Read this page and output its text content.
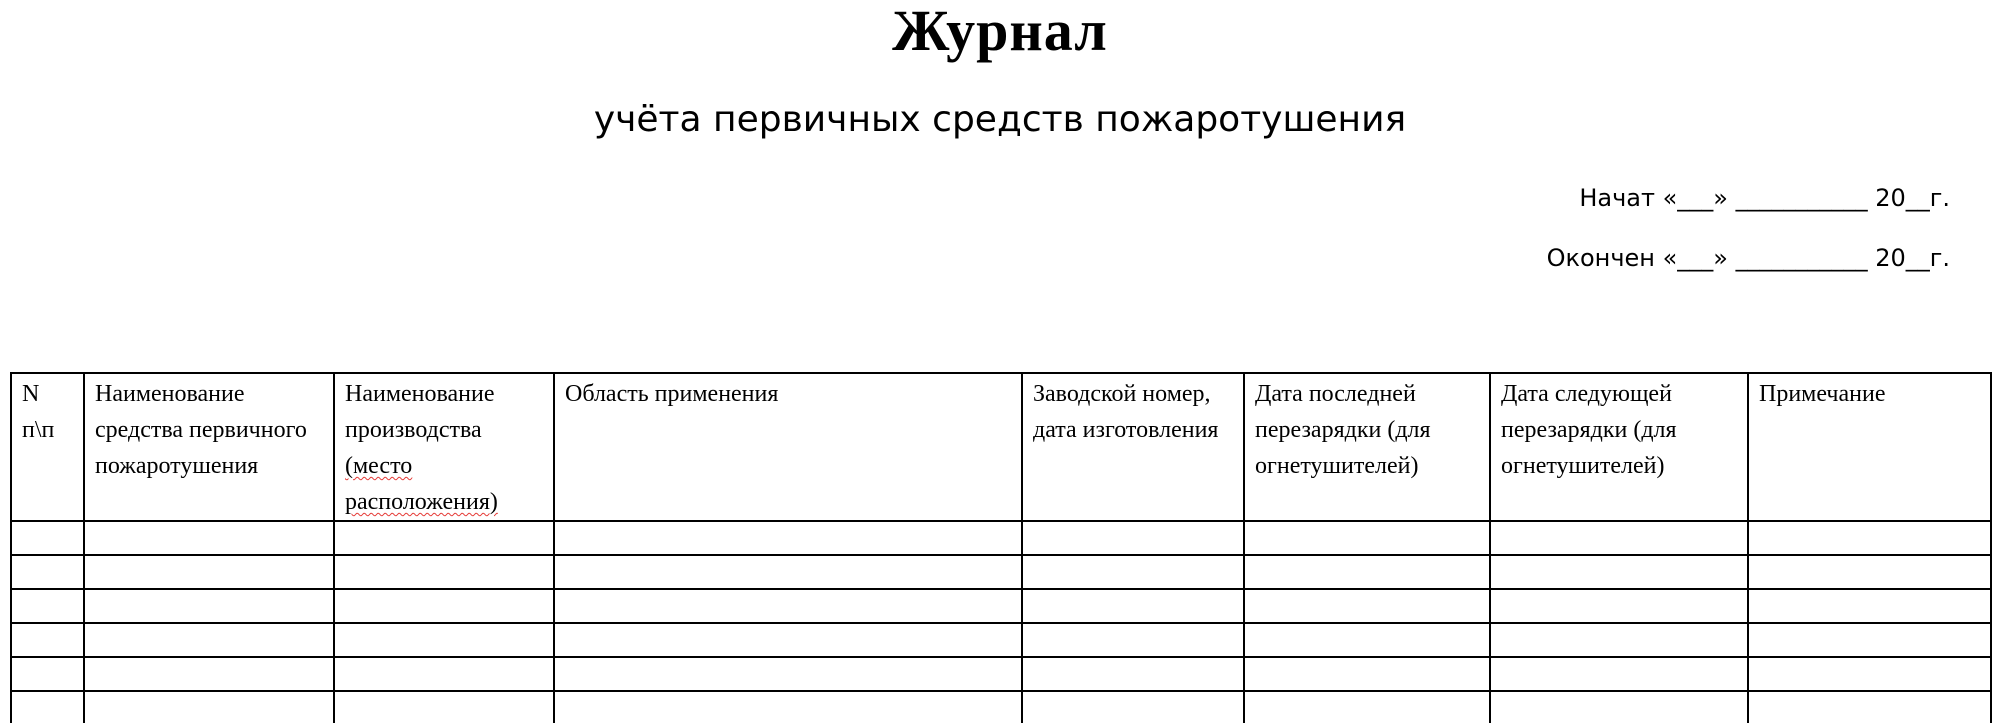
Журнал
учёта первичных средств пожаротушения
Начат «___» ___________ 20__г.
Окончен «___» ___________ 20__г.
N п\п	Наименование средства первичного пожаротушения	Наименование производства (место расположения)	Область применения	Заводской номер, дата изготовления	Дата последней перезарядки (для огнетушителей)	Дата следующей перезарядки (для огнетушителей)	Примечание
